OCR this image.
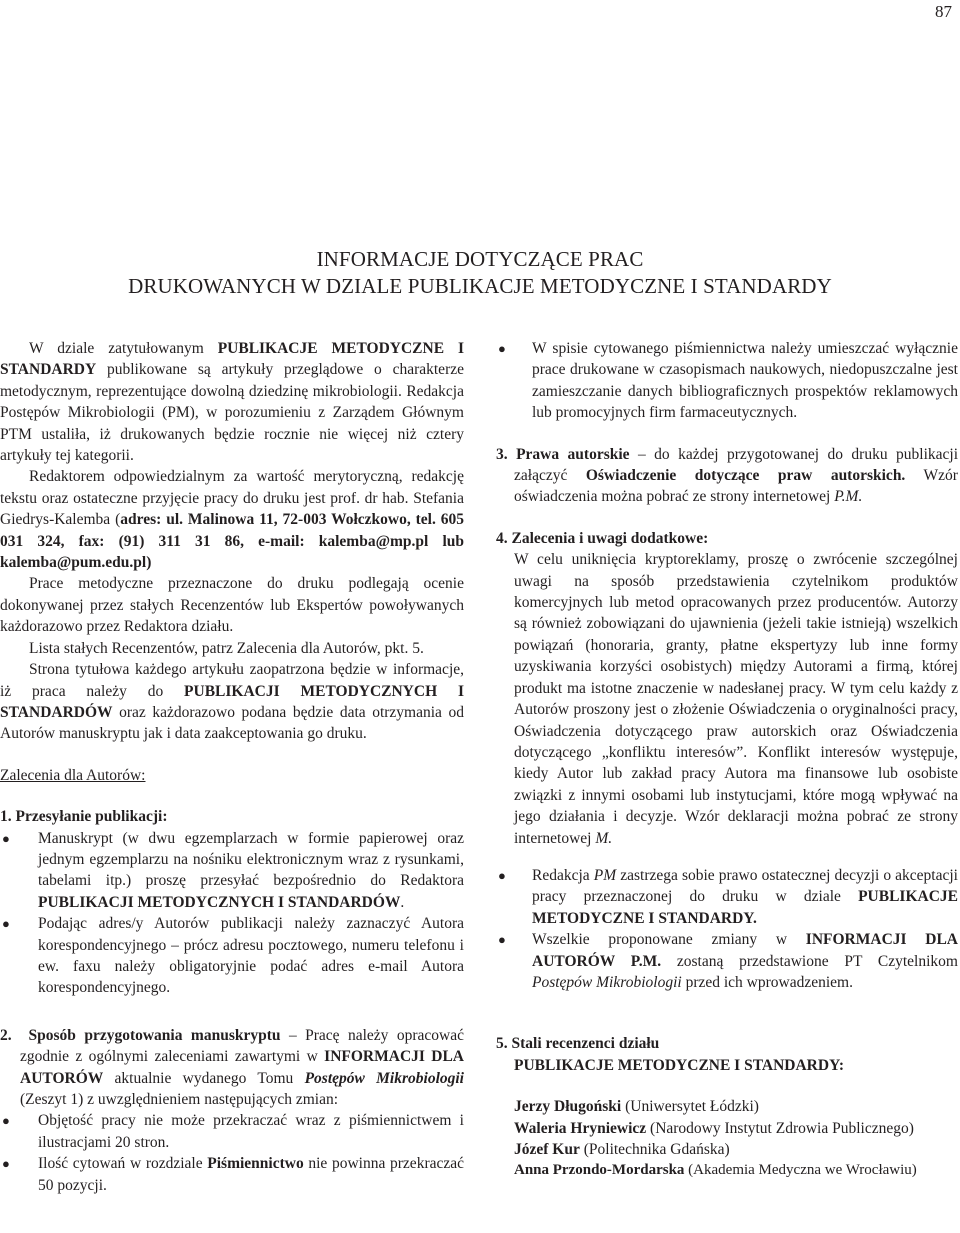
87
INFORMACJE DOTYCZĄCE PRAC
DRUKOWANYCH W DZIALE PUBLIKACJE METODYCZNE I STANDARDY

W dziale zatytułowanym PUBLIKACJE METODYCZNE I STANDARDY publikowane są artykuły przeglądowe o charakterze metodycznym, reprezentujące dowolną dziedzinę mikrobiologii. Redakcja Postępów Mikrobiologii (PM), w porozumieniu z Zarządem Głównym PTM ustaliła, iż drukowanych będzie rocznie nie więcej niż cztery artykuły tej kategorii.

Redaktorem odpowiedzialnym za wartość merytoryczną, redakcję tekstu oraz ostateczne przyjęcie pracy do druku jest prof. dr hab. Stefania Giedrys-Kalemba (adres: ul. Malinowa 11, 72-003 Wołczkowo, tel. 605 031 324, fax: (91) 311 31 86, e-mail: kalemba@mp.pl lub kalemba@pum.edu.pl)

Prace metodyczne przeznaczone do druku podlegają ocenie dokonywanej przez stałych Recenzentów lub Ekspertów powoływanych każdorazowo przez Redaktora działu.

Lista stałych Recenzentów, patrz Zalecenia dla Autorów, pkt. 5.

Strona tytułowa każdego artykułu zaopatrzona będzie w informacje, iż praca należy do PUBLIKACJI METODYCZNYCH I STANDARDÓW oraz każdorazowo podana będzie data otrzymania od Autorów manuskryptu jak i data zaakceptowania go druku.

Zalecenia dla Autorów:

1. Przesyłanie publikacji:

● Manuskrypt (w dwu egzemplarzach w formie papierowej oraz jednym egzemplarzu na nośniku elektronicznym wraz z rysunkami, tabelami itp.) proszę przesyłać bezpośrednio do Redaktora PUBLIKACJI METODYCZNYCH I STANDARDÓW.
● Podając adres/y Autorów publikacji należy zaznaczyć Autora korespondencyjnego – prócz adresu pocztowego, numeru telefonu i ew. faxu należy obligatoryjnie podać adres e-mail Autora korespondencyjnego.

2. Sposób przygotowania manuskryptu – Pracę należy opracować zgodnie z ogólnymi zaleceniami zawartymi w INFORMACJI DLA AUTORÓW aktualnie wydanego Tomu Postępów Mikrobiologii (Zeszyt 1) z uwzględnieniem następujących zmian:

● Objętość pracy nie może przekraczać wraz z piśmiennictwem i ilustracjami 20 stron.
● Ilość cytowań w rozdziale Piśmiennictwo nie powinna przekraczać 50 pozycji.
● W spisie cytowanego piśmiennictwa należy umieszczać wyłącznie prace drukowane w czasopismach naukowych, niedopuszczalne jest zamieszczanie danych bibliograficznych prospektów reklamowych lub promocyjnych firm farmaceutycznych.

3. Prawa autorskie – do każdej przygotowanej do druku publikacji załączyć Oświadczenie dotyczące praw autorskich. Wzór oświadczenia można pobrać ze strony internetowej P.M.

4. Zalecenia i uwagi dodatkowe:

W celu uniknięcia kryptoreklamy, proszę o zwrócenie szczególnej uwagi na sposób przedstawienia czytelnikom produktów komercyjnych lub metod opracowanych przez producentów. Autorzy są również zobowiązani do ujawnienia (jeżeli takie istnieją) wszelkich powiązań (honoraria, granty, płatne ekspertyzy lub inne formy uzyskiwania korzyści osobistych) między Autorami a firmą, której produkt ma istotne znaczenie w nadesłanej pracy. W tym celu każdy z Autorów proszony jest o złożenie Oświadczenia o oryginalności pracy, Oświadczenia dotyczącego praw autorskich oraz Oświadczenia dotyczącego „konfliktu interesów”. Konflikt interesów występuje, kiedy Autor lub zakład pracy Autora ma finansowe lub osobiste związki z innymi osobami lub instytucjami, które mogą wpływać na jego działania i decyzje. Wzór deklaracji można pobrać ze strony internetowej M.

● Redakcja PM zastrzega sobie prawo ostatecznej decyzji o akceptacji pracy przeznaczonej do druku w dziale PUBLIKACJE METODYCZNE I STANDARDY.
● Wszelkie proponowane zmiany w INFORMACJI DLA AUTORÓW P.M. zostaną przedstawione PT Czytelnikom Postępów Mikrobiologii przed ich wprowadzeniem.

5. Stali recenzenci działu

PUBLIKACJE METODYCZNE I STANDARDY:

Jerzy Długoński (Uniwersytet Łódzki)

Waleria Hryniewicz (Narodowy Instytut Zdrowia Publicznego)

Józef Kur (Politechnika Gdańska)

Anna Przondo-Mordarska (Akademia Medyczna we Wrocławiu)
